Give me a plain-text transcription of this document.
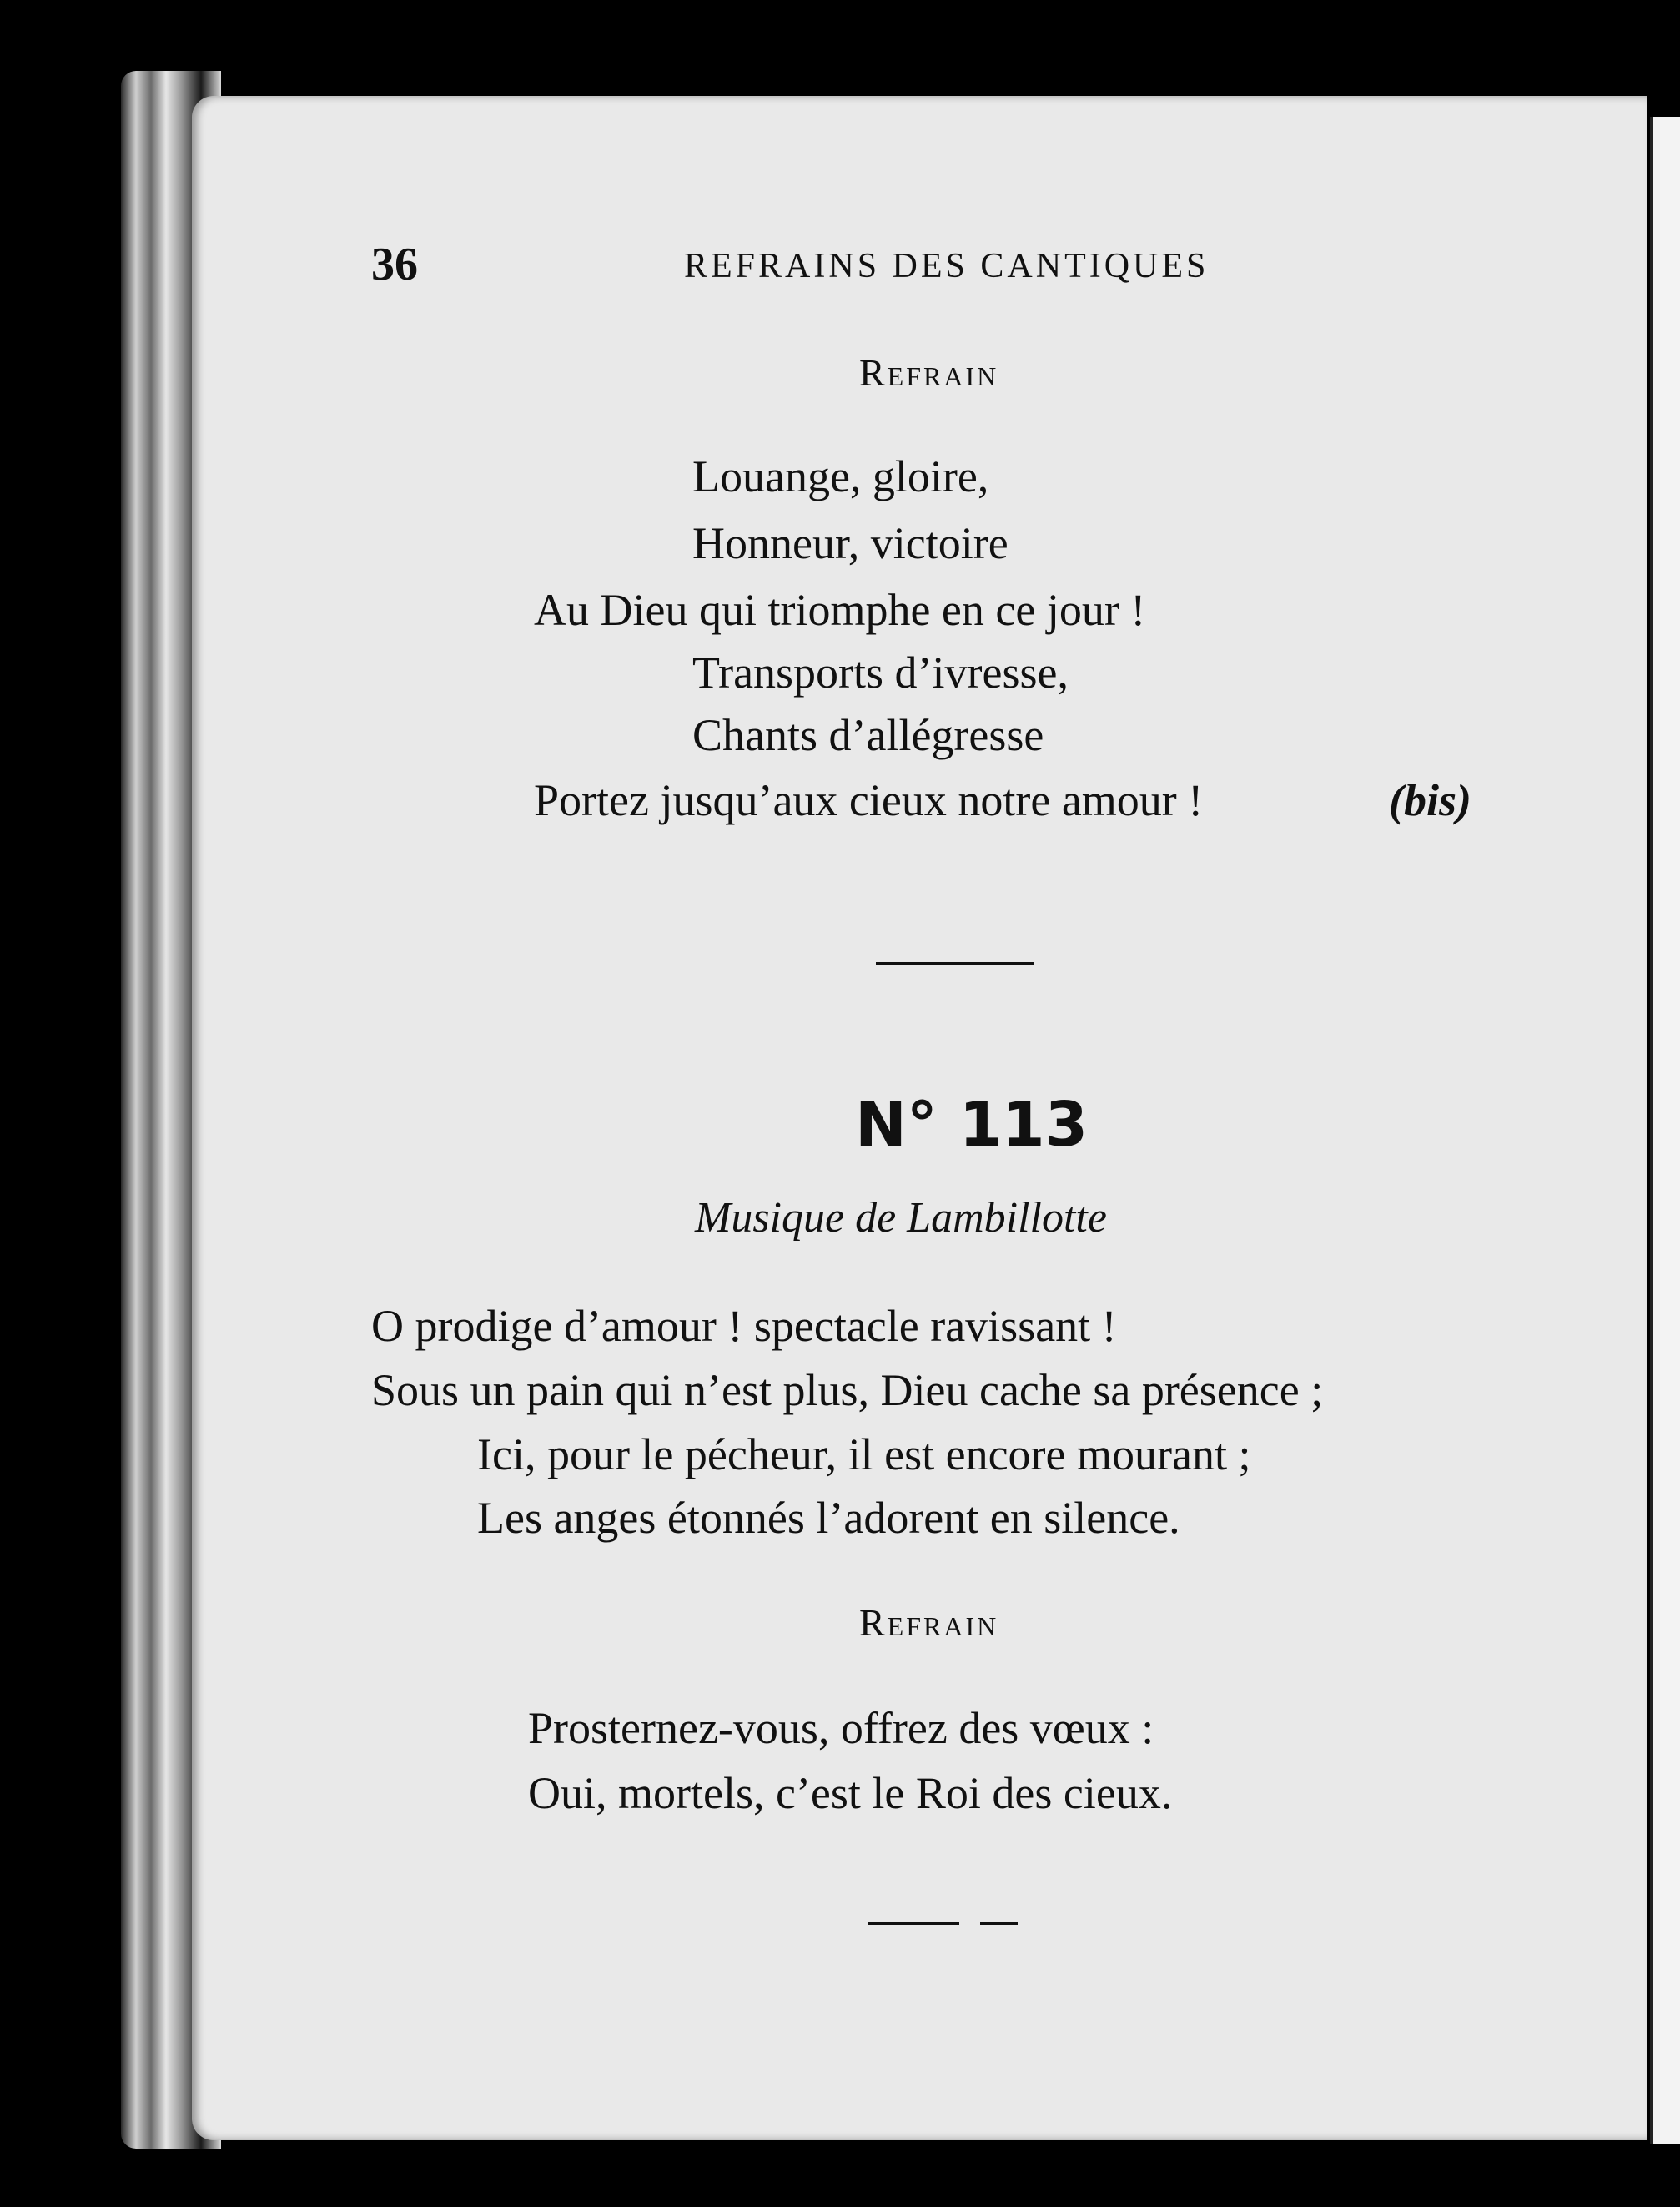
36	REFRAINS DES CANTIQUES
Refrain
Louange, gloire,
Honneur, victoire
Au Dieu qui triomphe en ce jour !
Transports d’ivresse,
Chants d’allégresse
Portez jusqu’aux cieux notre amour !	(bis)
N° 113
Musique de Lambillotte
O prodige d’amour ! spectacle ravissant !
Sous un pain qui n’est plus, Dieu cache sa présence ;
Ici, pour le pécheur, il est encore mourant ;
Les anges étonnés l’adorent en silence.
Refrain
Prosternez-vous, offrez des vœux :
Oui, mortels, c’est le Roi des cieux.
